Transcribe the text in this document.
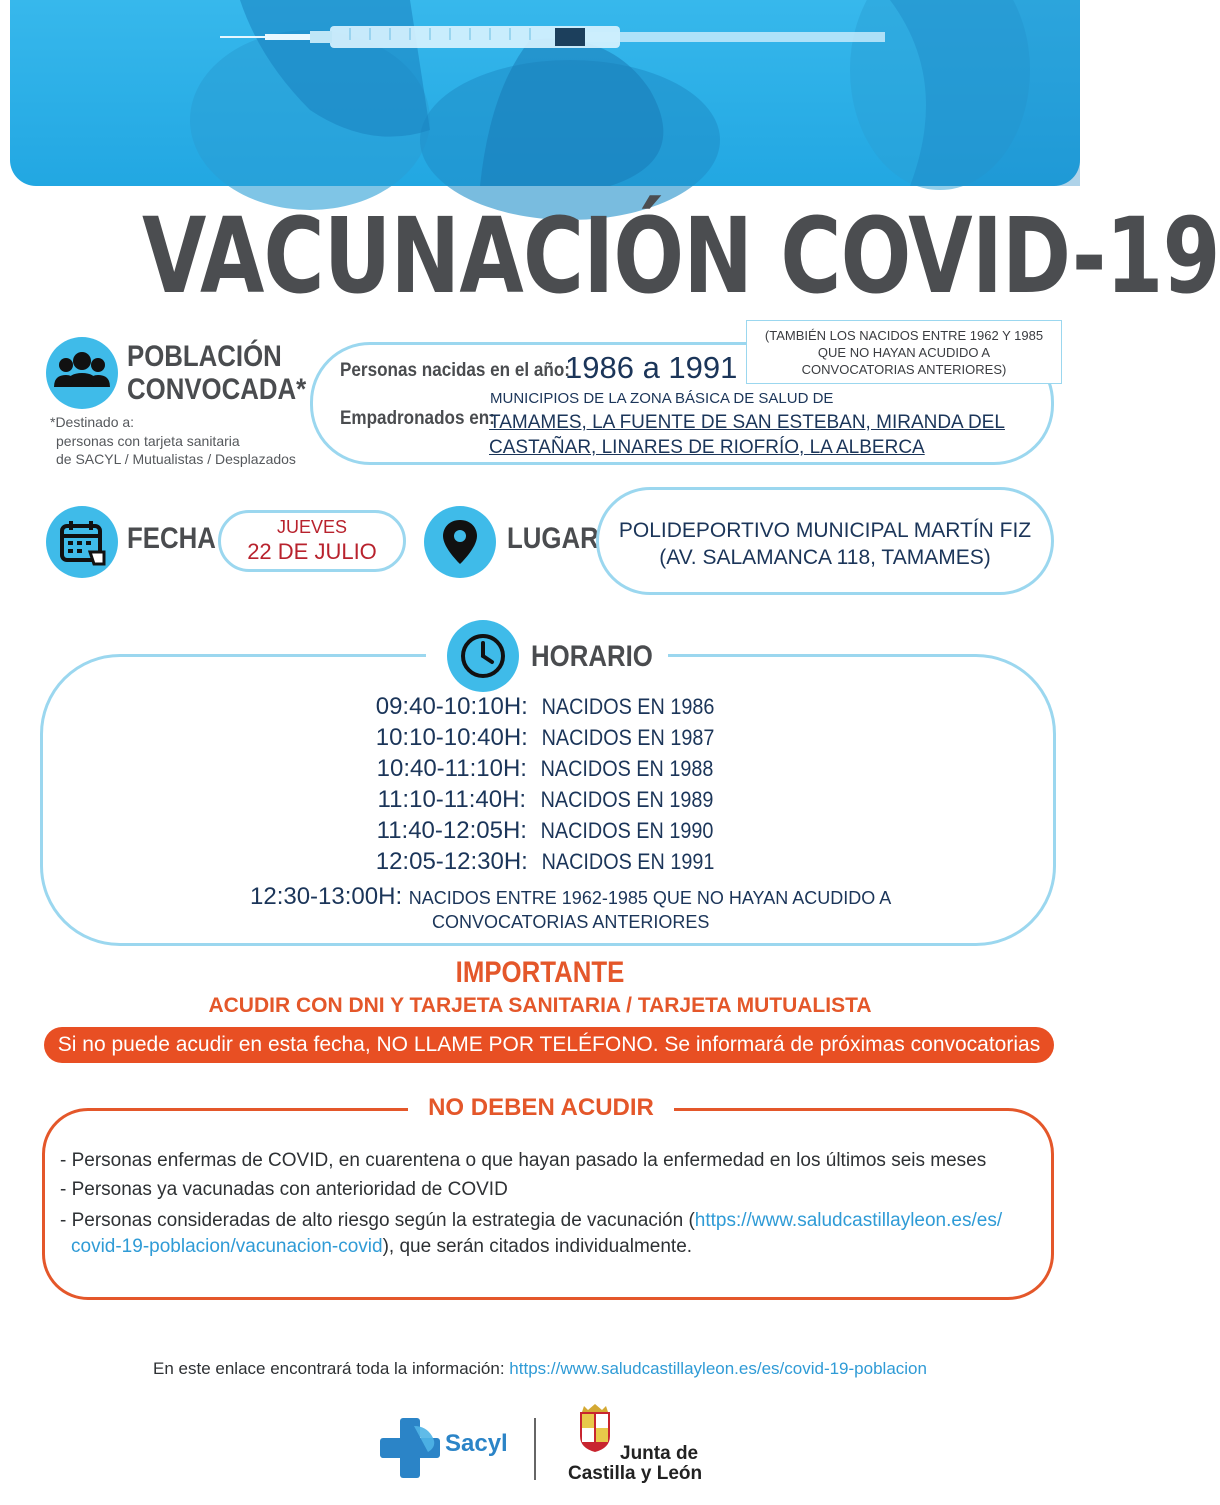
VACUNACIÓN COVID-19
POBLACIÓN
CONVOCADA*
*Destinado a:
personas con tarjeta sanitaria
de SACYL / Mutualistas / Desplazados
(TAMBIÉN LOS NACIDOS ENTRE 1962 Y 1985
QUE NO HAYAN ACUDIDO A
CONVOCATORIAS ANTERIORES)
Personas nacidas en el año:
1986 a 1991
Empadronados en:
MUNICIPIOS DE LA ZONA BÁSICA DE SALUD DE
TAMAMES, LA FUENTE DE SAN ESTEBAN, MIRANDA DEL
CASTAÑAR, LINARES DE RIOFRÍO, LA ALBERCA
FECHA	JUEVES
22 DE JULIO	LUGAR POLIDEPORTIVO MUNICIPAL MARTÍN FIZ
(AV. SALAMANCA 118, TAMAMES)
HORARIO
09:40-10:10H: NACIDOS EN 1986
10:10-10:40H: NACIDOS EN 1987
10:40-11:10H: NACIDOS EN 1988
11:10-11:40H: NACIDOS EN 1989
11:40-12:05H: NACIDOS EN 1990
12:05-12:30H: NACIDOS EN 1991
12:30-13:00H: NACIDOS ENTRE 1962-1985 QUE NO HAYAN ACUDIDO A
CONVOCATORIAS ANTERIORES
IMPORTANTE
ACUDIR CON DNI Y TARJETA SANITARIA / TARJETA MUTUALISTA
Si no puede acudir en esta fecha, NO LLAME POR TELÉFONO. Se informará de próximas convocatorias
NO DEBEN ACUDIR
- Personas enfermas de COVID, en cuarentena o que hayan pasado la enfermedad en los últimos seis meses
- Personas ya vacunadas con anterioridad de COVID
- Personas consideradas de alto riesgo según la estrategia de vacunación (https://www.saludcastillayleon.es/es/
covid-19-poblacion/vacunacion-covid), que serán citados individualmente.
En este enlace encontrará toda la información: https://www.saludcastillayleon.es/es/covid-19-poblacion
Sacyl	Junta de
Castilla y León
